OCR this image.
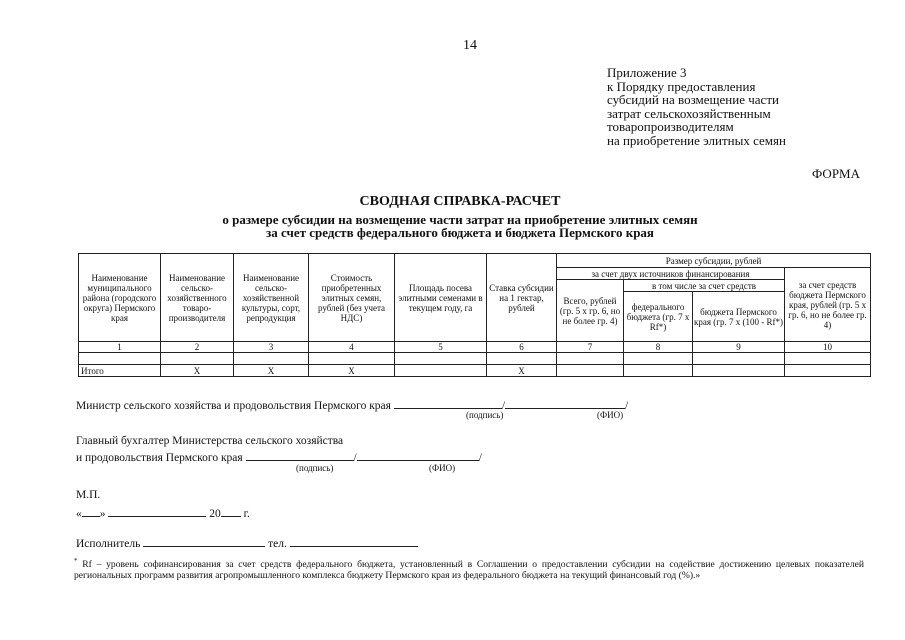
14
Приложение 3
к Порядку предоставления
субсидий на возмещение части
затрат сельскохозяйственным
товаропроизводителям
на приобретение элитных семян
ФОРМА
СВОДНАЯ СПРАВКА-РАСЧЕТ
о размере субсидии на возмещение части затрат на приобретение элитных семян
за счет средств федерального бюджета и бюджета Пермского края
Наименование муниципального района (городского округа) Пермского края	Наименование сельско-хозяйственного товаро-производителя	Наименование сельско-хозяйственной культуры, сорт, репродукция	Стоимость приобретенных элитных семян, рублей (без учета НДС)	Площадь посева элитными семенами в текущем году, га	Ставка субсидии на 1 гектар, рублей	Размер субсидии, рублей			
						за счет двух источников финансирования			за счет средств бюджета Пермского края, рублей (гр. 5 х гр. 6, но не более гр. 4)
						Всего, рублей (гр. 5 х гр. 6, но не более гр. 4)	в том числе за счет средств		
							федерального бюджета (гр. 7 х Rf*)	бюджета Пермского края (гр. 7 х (100 - Rf*)	
1	2	3	4	5	6	7	8	9	10

Итого	X	X	X		X				
Министр сельского хозяйства и продовольствия Пермского края	/	/
(подпись)	(ФИО)
Главный бухгалтер Министерства сельского хозяйства
и продовольствия Пермского края	/	/
(подпись)	(ФИО)
М.П.
« »	20 г.
Исполнитель	тел.
* Rf – уровень софинансирования за счет средств федерального бюджета, установленный в Соглашении о предоставлении субсидии на содействие достижению целевых показателей региональных программ развития агропромышленного комплекса бюджету Пермского края из федерального бюджета на текущий финансовый год (%).»
